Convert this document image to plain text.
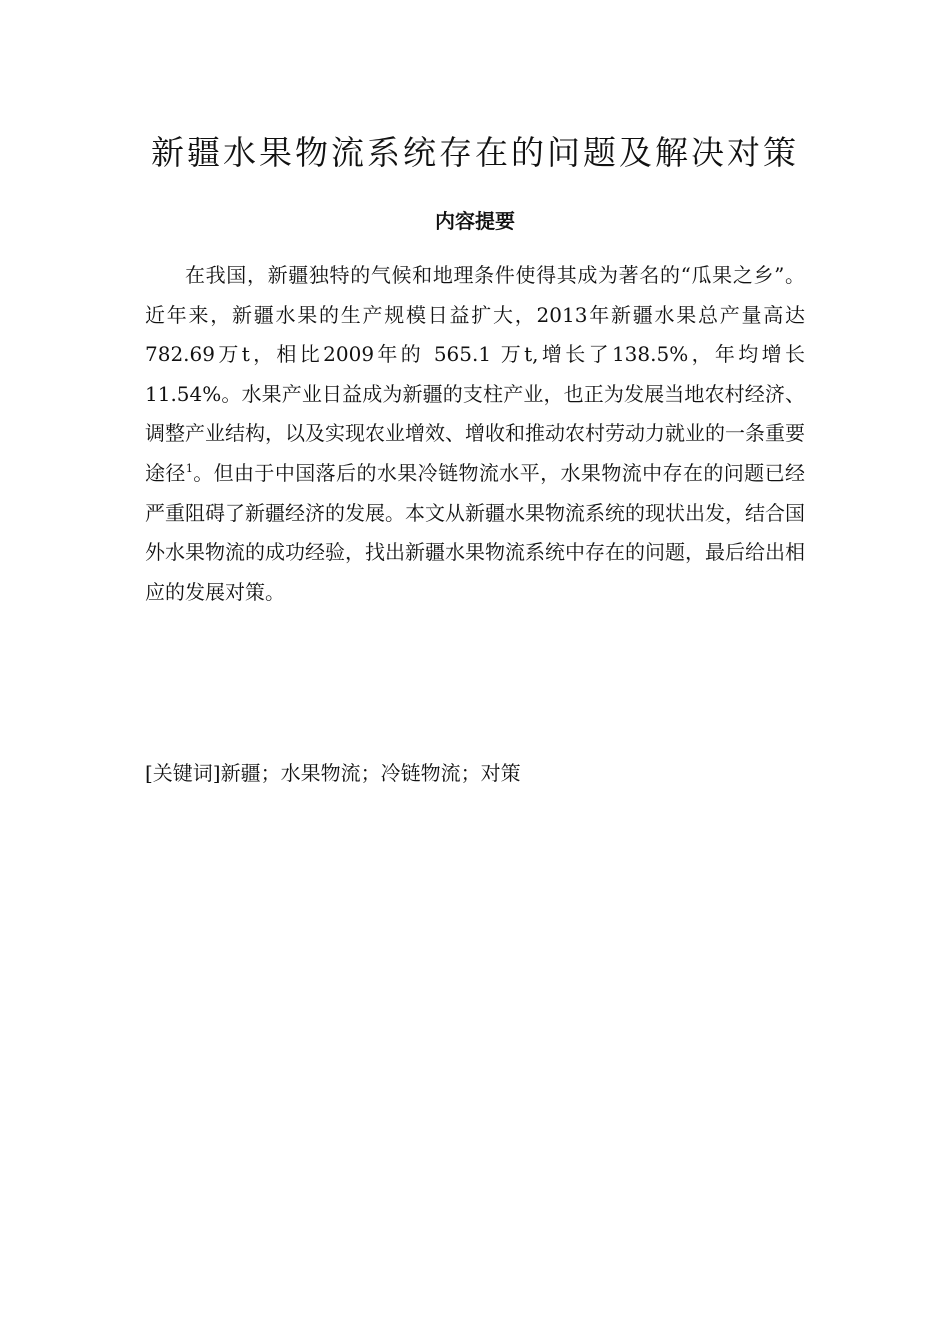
新疆水果物流系统存在的问题及解决对策
内容提要

在我国，新疆独特的气候和地理条件使得其成为著名的“瓜果之乡”。近年来，新疆水果的生产规模日益扩大，2013年新疆水果总产量高达782.69万t，相比2009年的 565.1 万t,增长了138.5%，年均增长 11.54%。水果产业日益成为新疆的支柱产业，也正为发展当地农村经济、调整产业结构，以及实现农业增效、增收和推动农村劳动力就业的一条重要途径$^1$。但由于中国落后的水果冷链物流水平，水果物流中存在的问题已经严重阻碍了新疆经济的发展。本文从新疆水果物流系统的现状出发，结合国外水果物流的成功经验，找出新疆水果物流系统中存在的问题，最后给出相应的发展对策。

[关键词]新疆；水果物流；冷链物流；对策
